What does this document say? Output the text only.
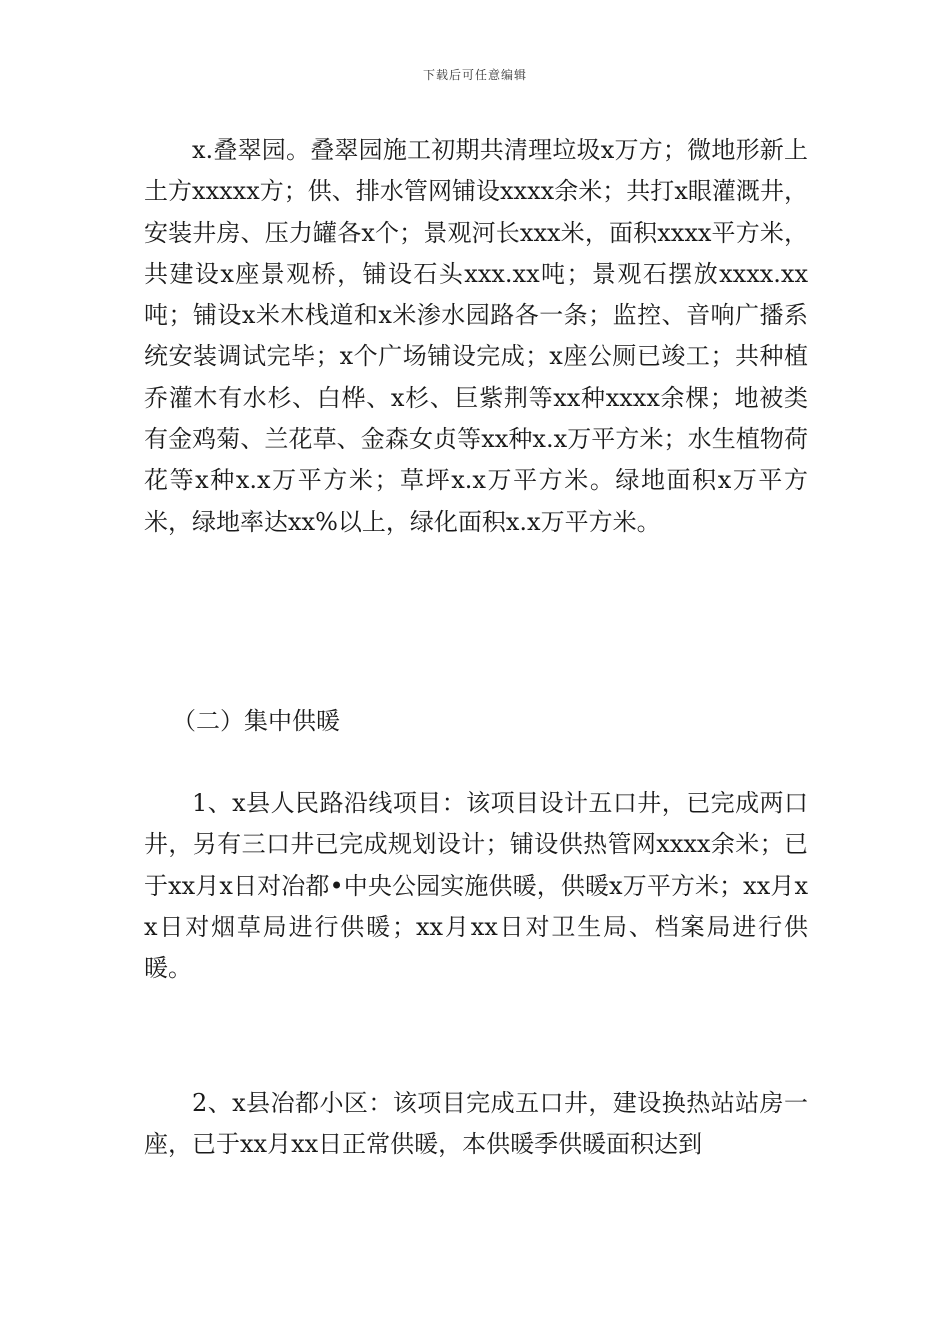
下载后可任意编辑

x.叠翠园。叠翠园施工初期共清理垃圾x万方；微地形新上土方xxxxx方；供、排水管网铺设xxxx余米；共打x眼灌溉井，安装井房、压力罐各x个；景观河长xxx米，面积xxxx平方米，共建设x座景观桥，铺设石头xxx.xx吨；景观石摆放xxxx.xx吨；铺设x米木栈道和x米渗水园路各一条；监控、音响广播系统安装调试完毕；x个广场铺设完成；x座公厕已竣工；共种植乔灌木有水杉、白桦、x杉、巨紫荆等xx种xxxx余棵；地被类有金鸡菊、兰花草、金森女贞等xx种x.x万平方米；水生植物荷花等x种x.x万平方米；草坪x.x万平方米。绿地面积x万平方米，绿地率达xx%以上，绿化面积x.x万平方米。

（二）集中供暖

1、x县人民路沿线项目：该项目设计五口井，已完成两口井，另有三口井已完成规划设计；铺设供热管网xxxx余米；已于xx月x日对冶都•中央公园实施供暖，供暖x万平方米；xx月xx日对烟草局进行供暖；xx月xx日对卫生局、档案局进行供暖。

2、x县冶都小区：该项目完成五口井，建设换热站站房一座，已于xx月xx日正常供暖，本供暖季供暖面积达到
